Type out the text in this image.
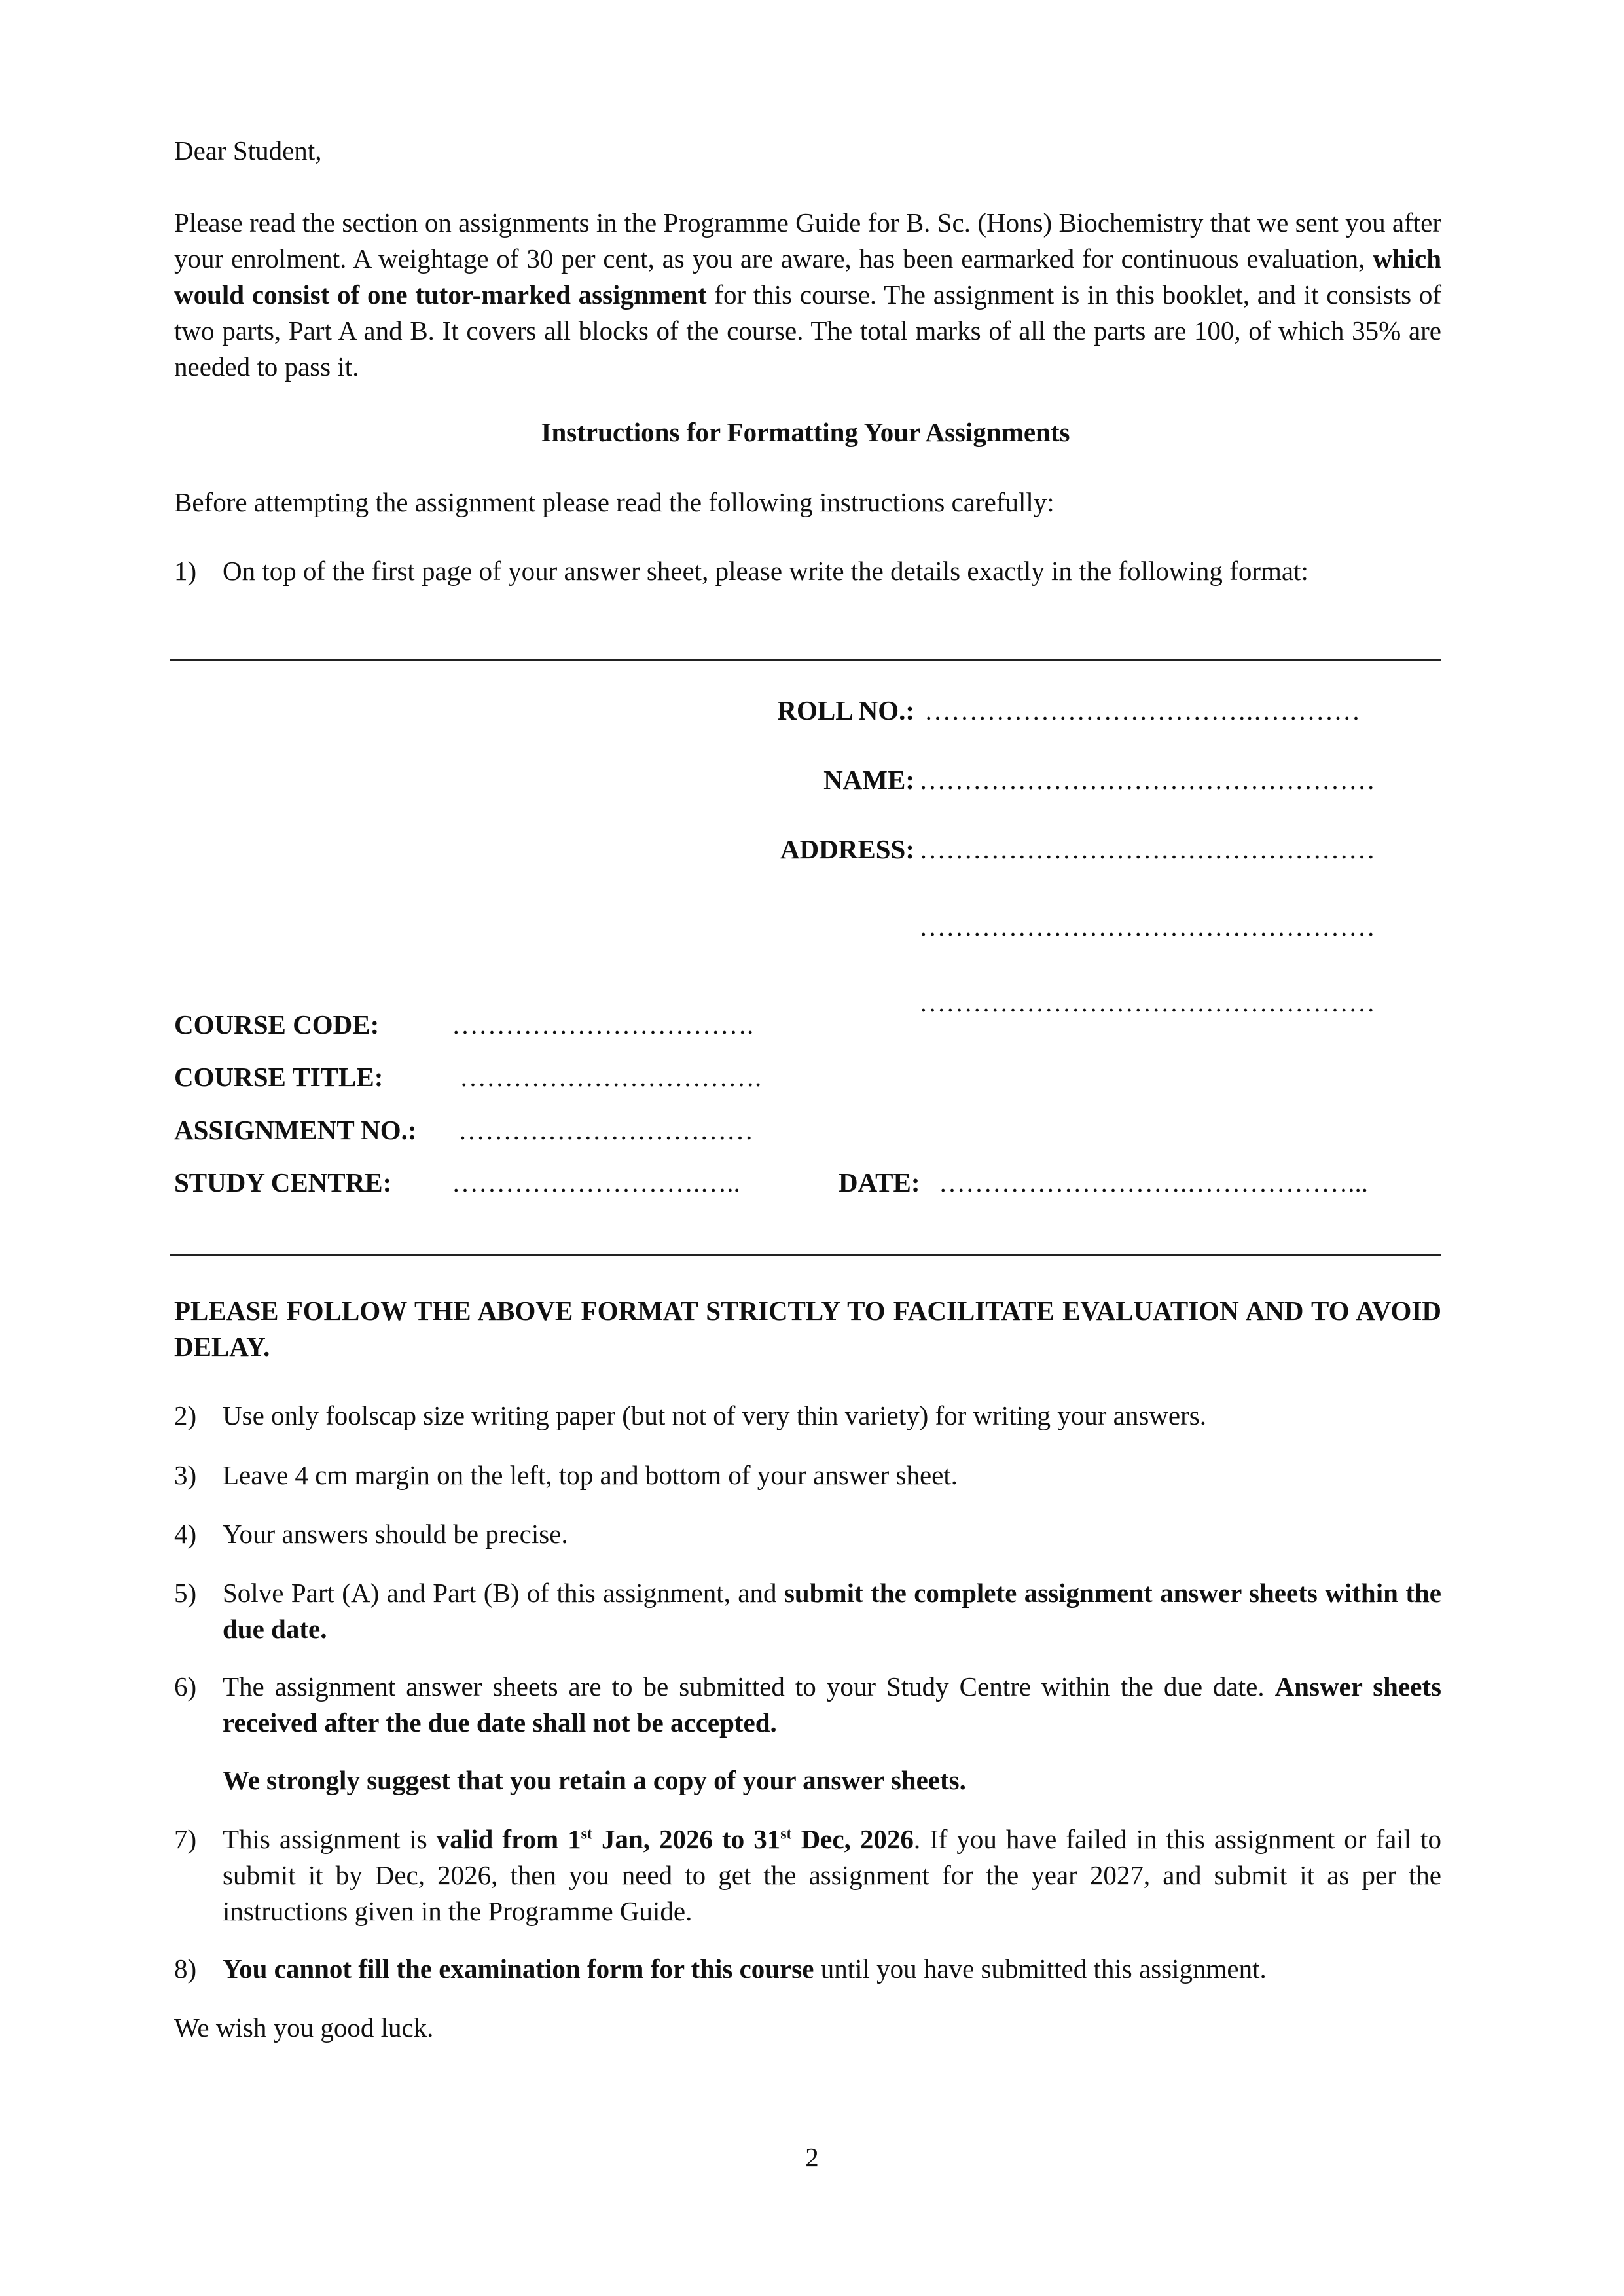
Dear Student,
Please read the section on assignments in the Programme Guide for B. Sc. (Hons) Biochemistry that we sent you after your enrolment. A weightage of 30 per cent, as you are aware, has been earmarked for continuous evaluation, which would consist of one tutor-marked assignment for this course. The assignment is in this booklet, and it consists of two parts, Part A and B. It covers all blocks of the course. The total marks of all the parts are 100, of which 35% are needed to pass it.
Instructions for Formatting Your Assignments
Before attempting the assignment please read the following instructions carefully:
1) On top of the first page of your answer sheet, please write the details exactly in the following format:
ROLL NO.: ……………………………….…………
NAME: ……………………………………………
ADDRESS: ……………………………………………
……………………………………………
……………………………………………
COURSE CODE:	…………………………….
COURSE TITLE:	…………………………….
ASSIGNMENT NO.: ……………………………
STUDY CENTRE: ……………………….…..	DATE: ……………………….………………...
PLEASE FOLLOW THE ABOVE FORMAT STRICTLY TO FACILITATE EVALUATION AND TO AVOID DELAY.
2) Use only foolscap size writing paper (but not of very thin variety) for writing your answers.
3) Leave 4 cm margin on the left, top and bottom of your answer sheet.
4) Your answers should be precise.
5) Solve Part (A) and Part (B) of this assignment, and submit the complete assignment answer sheets within the due date.
6) The assignment answer sheets are to be submitted to your Study Centre within the due date. Answer sheets received after the due date shall not be accepted.
We strongly suggest that you retain a copy of your answer sheets.
7) This assignment is valid from 1st Jan, 2026 to 31st Dec, 2026. If you have failed in this assignment or fail to submit it by Dec, 2026, then you need to get the assignment for the year 2027, and submit it as per the instructions given in the Programme Guide.
8) You cannot fill the examination form for this course until you have submitted this assignment.
We wish you good luck.
2
